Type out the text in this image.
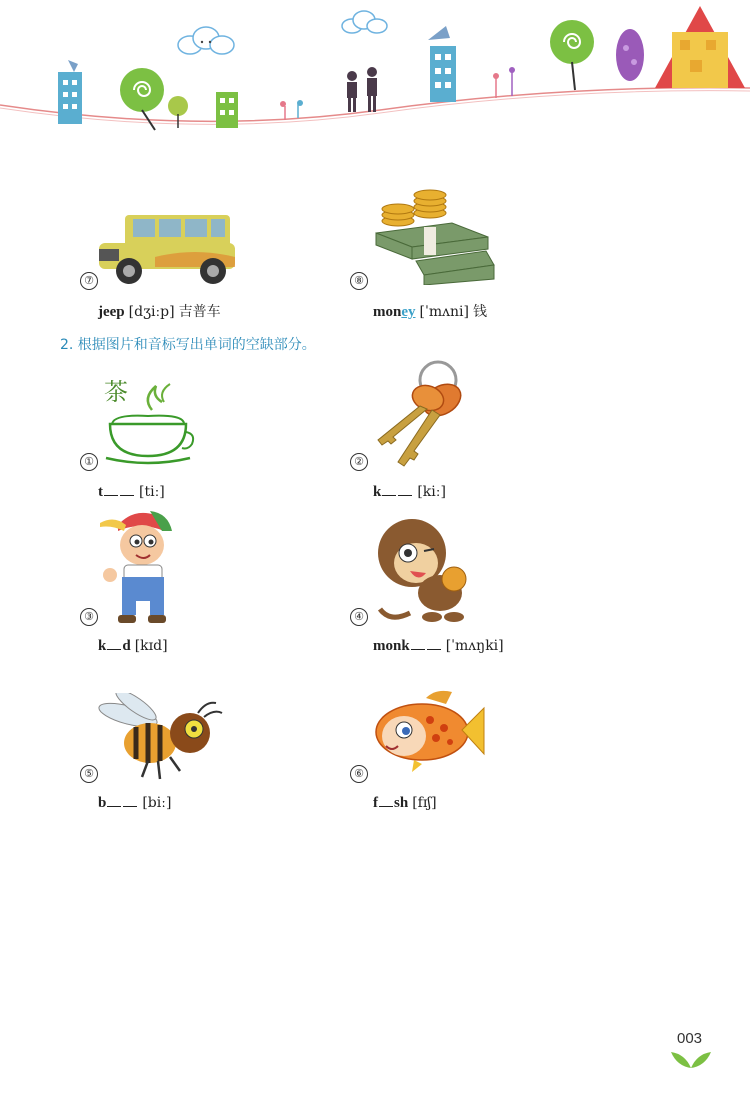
⑦
jeep [dʒiːp] 吉普车
⑧
money [ˈmʌni] 钱
2. 根据图片和音标写出单词的空缺部分。
茶
①
t	[tiː]
②
k	[kiː]
③
k d [kɪd]
④
monk	[ˈmʌŋki]
⑤
b	[biː]
⑥
f sh [fɪʃ]
003
